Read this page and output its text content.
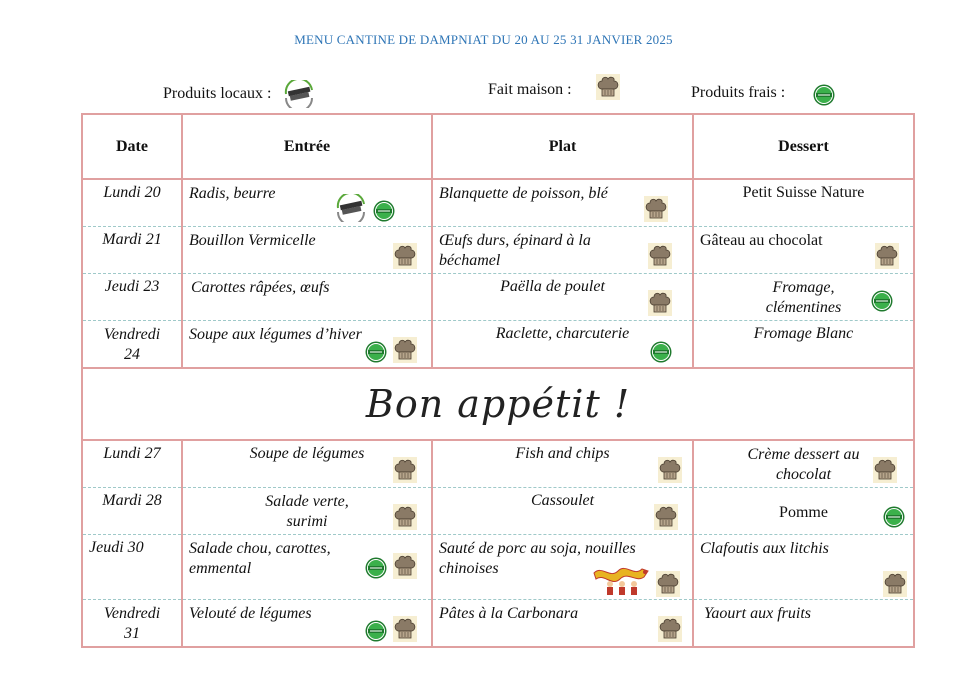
MENU CANTINE DE DAMPNIAT DU 20 AU 25 31 JANVIER 2025
Produits locaux :	Fait maison :	Produits frais :
Date	Entrée	Plat	Dessert
Lundi 20	Radis, beurre	Blanquette de poisson, blé	Petit Suisse Nature
Mardi 21	Bouillon Vermicelle	Œufs durs, épinard à la béchamel	Gâteau au chocolat

Jeudi 23	Carottes râpées, œufs	Paëlla de poulet	Fromage, clémentines

Vendredi 24	Soupe aux légumes d’hiver	Raclette, charcuterie	Fromage Blanc
Bon appétit !			
Lundi 27	Soupe de légumes	Fish and chips	Crème dessert au chocolat

Mardi 28	Salade verte, surimi	Cassoulet	Pomme

Jeudi 30	Salade chou, carottes, emmental	Sauté de porc au soja, nouilles chinoises	Clafoutis aux litchis

Vendredi 31	Velouté de légumes	Pâtes à la Carbonara	Yaourt aux fruits
